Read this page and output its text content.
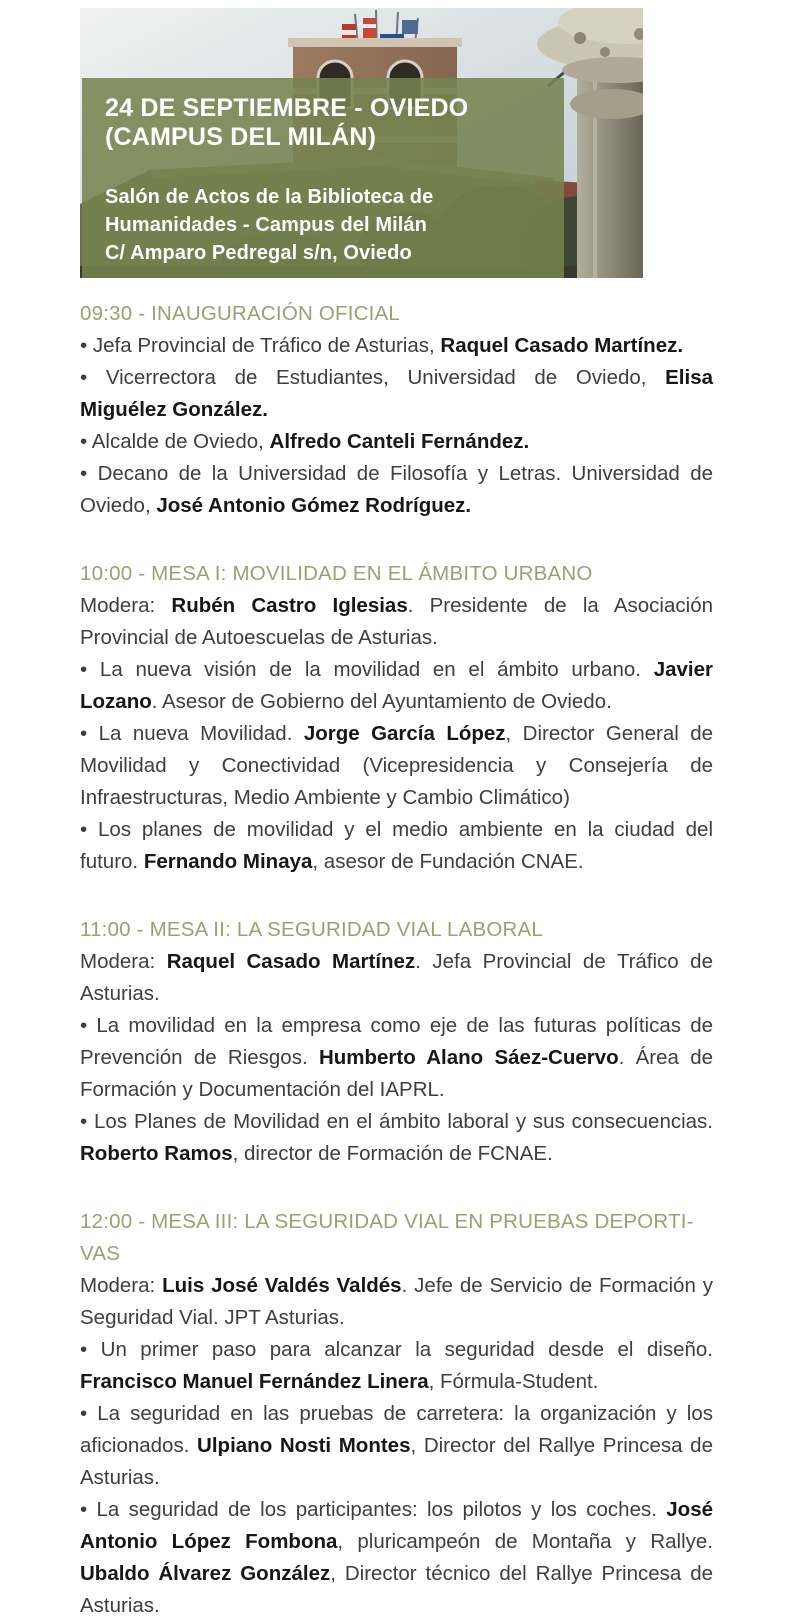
24 DE SEPTIEMBRE - OVIEDO
(CAMPUS DEL MILÁN)
Salón de Actos de la Biblioteca de
Humanidades - Campus del Milán
C/ Amparo Pedregal s/n, Oviedo
09:30 - INAUGURACIÓN OFICIAL

• Jefa Provincial de Tráfico de Asturias, Raquel Casado Martínez.

• Vicerrectora de Estudiantes, Universidad de Oviedo, Elisa Miguélez González.

• Alcalde de Oviedo, Alfredo Canteli Fernández.

• Decano de la Universidad de Filosofía y Letras. Universidad de Oviedo, José Antonio Gómez Rodríguez.

10:00 - MESA I: MOVILIDAD EN EL ÁMBITO URBANO

Modera: Rubén Castro Iglesias. Presidente de la Asociación Provincial de Autoescuelas de Asturias.

• La nueva visión de la movilidad en el ámbito urbano. Javier Lozano. Asesor de Gobierno del Ayuntamiento de Oviedo.

• La nueva Movilidad. Jorge García López, Director General de Movilidad y Conectividad (Vicepresidencia y Consejería de Infraestructuras, Medio Ambiente y Cambio Climático)

• Los planes de movilidad y el medio ambiente en la ciudad del futuro. Fernando Minaya, asesor de Fundación CNAE.

11:00 - MESA II: LA SEGURIDAD VIAL LABORAL

Modera: Raquel Casado Martínez. Jefa Provincial de Tráfico de Asturias.

• La movilidad en la empresa como eje de las futuras políticas de Prevención de Riesgos. Humberto Alano Sáez-Cuervo. Área de Formación y Documentación del IAPRL.

• Los Planes de Movilidad en el ámbito laboral y sus consecuencias. Roberto Ramos, director de Formación de FCNAE.

12:00 - MESA III: LA SEGURIDAD VIAL EN PRUEBAS DEPORTI-
VAS

Modera: Luis José Valdés Valdés. Jefe de Servicio de Formación y Seguridad Vial. JPT Asturias.

• Un primer paso para alcanzar la seguridad desde el diseño. Francisco Manuel Fernández Linera, Fórmula-Student.

• La seguridad en las pruebas de carretera: la organización y los aficionados. Ulpiano Nosti Montes, Director del Rallye Princesa de Asturias.

• La seguridad de los participantes: los pilotos y los coches. José Antonio López Fombona, pluricampeón de Montaña y Rallye. Ubaldo Álvarez González, Director técnico del Rallye Princesa de Asturias.
